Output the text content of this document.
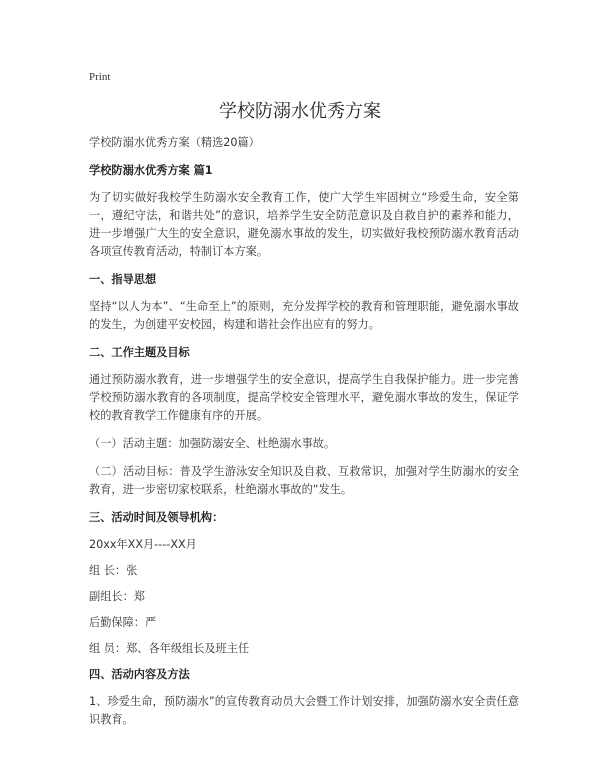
Print
学校防溺水优秀方案

学校防溺水优秀方案（精选20篇）

学校防溺水优秀方案 篇1

为了切实做好我校学生防溺水安全教育工作，使广大学生牢固树立“珍爱生命，安全第一，遵纪守法，和谐共处”的意识，培养学生安全防范意识及自救自护的素养和能力，进一步增强广大生的安全意识，避免溺水事故的发生，切实做好我校预防溺水教育活动各项宣传教育活动，特制订本方案。

一、指导思想

坚持“以人为本”、“生命至上”的原则，充分发挥学校的教育和管理职能，避免溺水事故的发生，为创建平安校园，构建和谐社会作出应有的努力。

二、工作主题及目标

通过预防溺水教育，进一步增强学生的安全意识，提高学生自我保护能力。进一步完善学校预防溺水教育的各项制度，提高学校安全管理水平，避免溺水事故的发生，保证学校的教育教学工作健康有序的开展。

（一）活动主题：加强防溺安全、杜绝溺水事故。

（二）活动目标：普及学生游泳安全知识及自救、互救常识，加强对学生防溺水的安全教育，进一步密切家校联系，杜绝溺水事故的“发生。

三、活动时间及领导机构：

20xx年XX月----XX月

组 长：张

副组长：郑

后勤保障：严

组 员：郑、各年级组长及班主任

四、活动内容及方法

1、珍爱生命，预防溺水”的宣传教育动员大会暨工作计划安排，加强防溺水安全责任意识教育。
